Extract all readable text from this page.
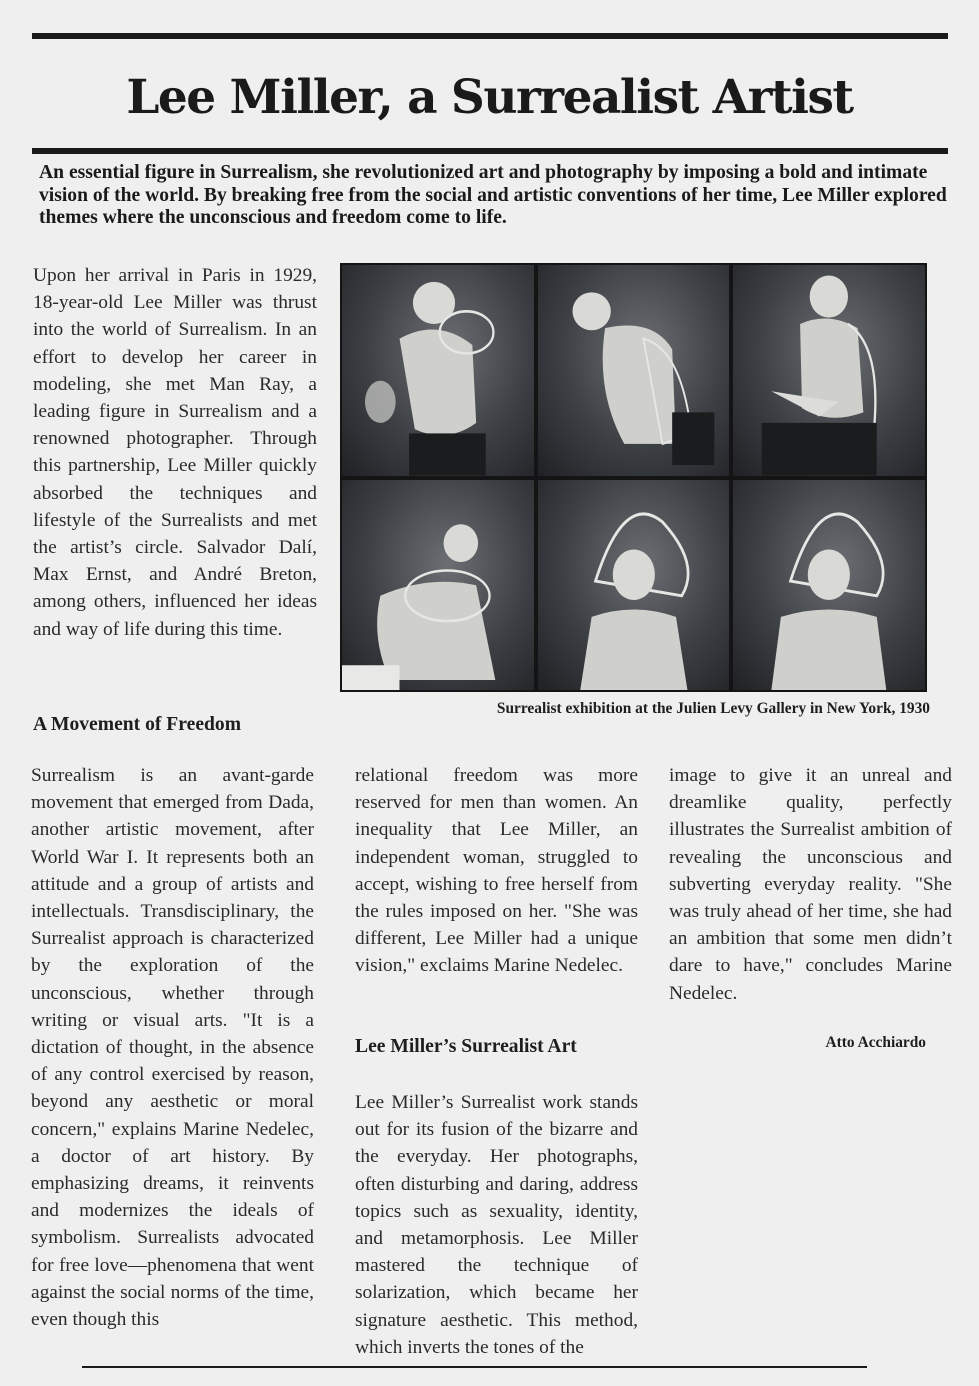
Lee Miller, a Surrealist Artist

An essential figure in Surrealism, she revolutionized art and photography by imposing a bold and intimate vision of the world. By breaking free from the social and artistic conventions of her time, Lee Miller explored themes where the unconscious and freedom come to life.

Upon her arrival in Paris in 1929, 18-year-old Lee Miller was thrust into the world of Surrealism. In an effort to develop her career in modeling, she met Man Ray, a leading figure in Surrealism and a renowned photographer. Through this partnership, Lee Miller quickly absorbed the techniques and lifestyle of the Surrealists and met the artist’s circle. Salvador Dalí, Max Ernst, and André Breton, among others, influenced her ideas and way of life during this time.

Surrealist exhibition at the Julien Levy Gallery in New York, 1930
A Movement of Freedom

Surrealism is an avant-garde movement that emerged from Dada, another artistic movement, after World War I. It represents both an attitude and a group of artists and intellectuals. Transdisciplinary, the Surrealist approach is characterized by the exploration of the unconscious, whether through writing or visual arts. "It is a dictation of thought, in the absence of any control exercised by reason, beyond any aesthetic or moral concern," explains Marine Nedelec, a doctor of art history. By emphasizing dreams, it reinvents and modernizes the ideals of symbolism. Surrealists advocated for free love—phenomena that went against the social norms of the time, even though this

relational freedom was more reserved for men than women. An inequality that Lee Miller, an independent woman, struggled to accept, wishing to free herself from the rules imposed on her. "She was different, Lee Miller had a unique vision," exclaims Marine Nedelec.

Lee Miller’s Surrealist Art

Lee Miller’s Surrealist work stands out for its fusion of the bizarre and the everyday. Her photographs, often disturbing and daring, address topics such as sexuality, identity, and metamorphosis. Lee Miller mastered the technique of solarization, which became her signature aesthetic. This method, which inverts the tones of the

image to give it an unreal and dreamlike quality, perfectly illustrates the Surrealist ambition of revealing the unconscious and subverting everyday reality. "She was truly ahead of her time, she had an ambition that some men didn’t dare to have," concludes Marine Nedelec.

Atto Acchiardo
